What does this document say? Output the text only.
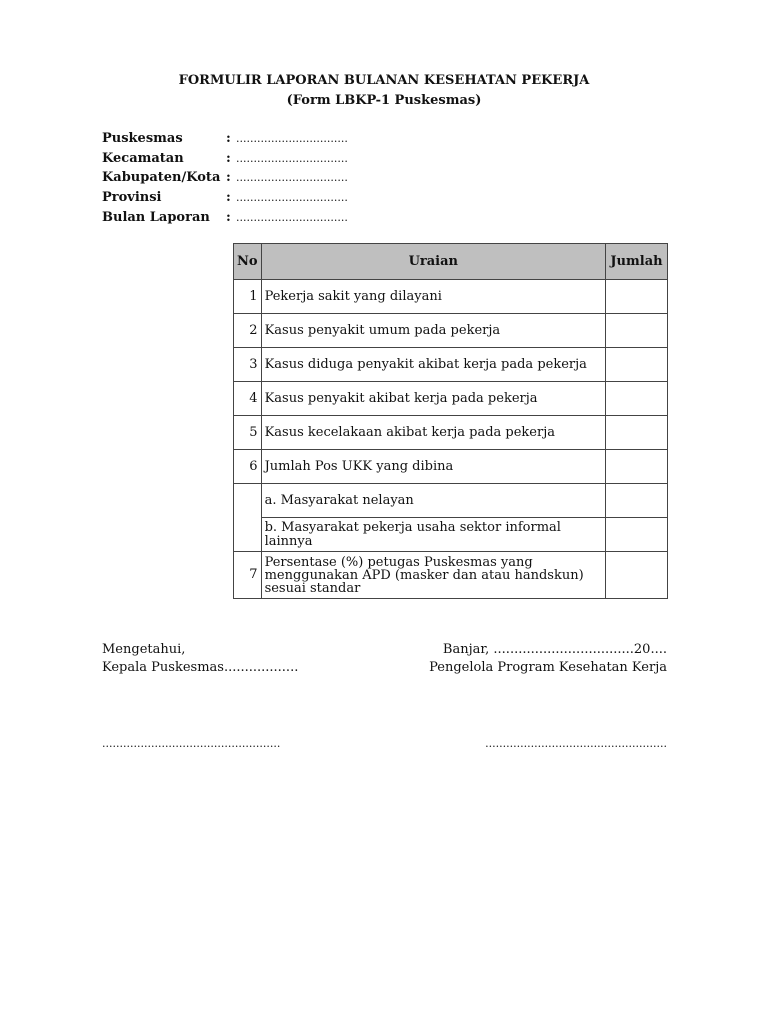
FORMULIR LAPORAN BULANAN KESEHATAN PEKERJA
(Form LBKP-1 Puskesmas)
Puskesmas	: ................................
Kecamatan	: ................................
Kabupaten/Kota : ................................
Provinsi	: ................................
Bulan Laporan	: ................................
No	Uraian	Jumlah
1	Pekerja sakit yang dilayani	
2	Kasus penyakit umum pada pekerja	
3	Kasus diduga penyakit akibat kerja pada pekerja	
4	Kasus penyakit akibat kerja pada pekerja	
5	Kasus kecelakaan akibat kerja pada pekerja	
6	Jumlah Pos UKK yang dibina	
	a. Masyarakat nelayan	
	b. Masyarakat pekerja usaha sektor informal lainnya	
7	Persentase (%) petugas Puskesmas yang menggunakan APD (masker dan atau handskun) sesuai standar	
Mengetahui,
Kepala Puskesmas..................
Banjar, ..................................20....
Pengelola Program Kesehatan Kerja
...................................................	....................................................
